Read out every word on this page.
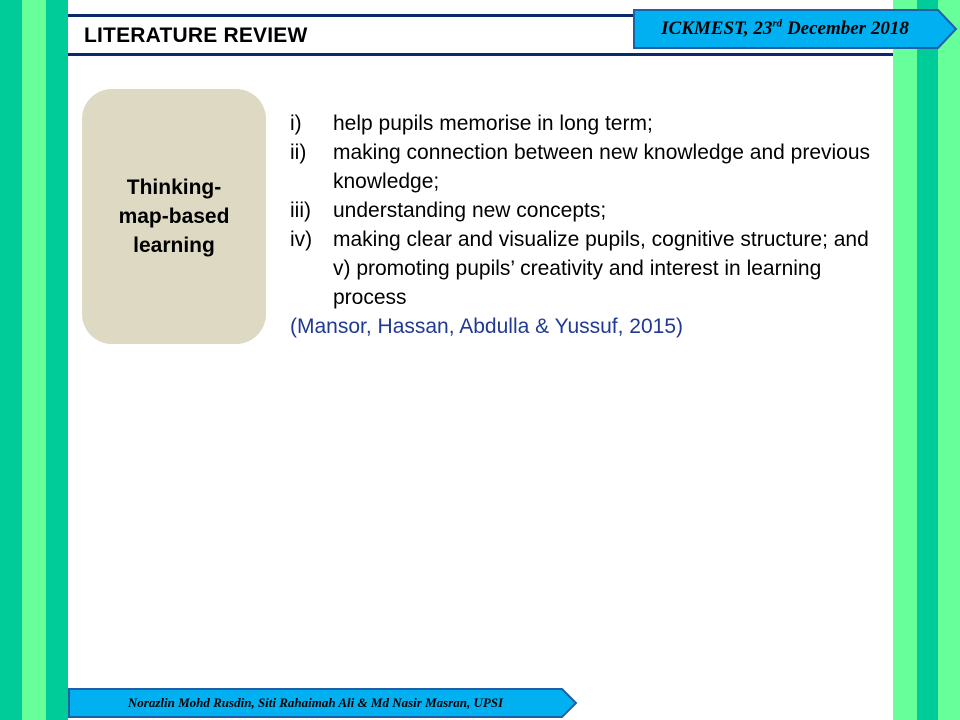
LITERATURE REVIEW	ICKMEST, 23rd December 2018
Thinking-map-based learning
i)	help pupils memorise in long term;
ii)	making connection between new knowledge and previous knowledge;
iii)	understanding new concepts;
iv) making clear and visualize pupils, cognitive structure; and v) promoting pupils’ creativity and interest in learning process
(Mansor, Hassan, Abdulla & Yussuf, 2015)
Norazlin Mohd Rusdin, Siti Rahaimah Ali & Md Nasir Masran, UPSI
